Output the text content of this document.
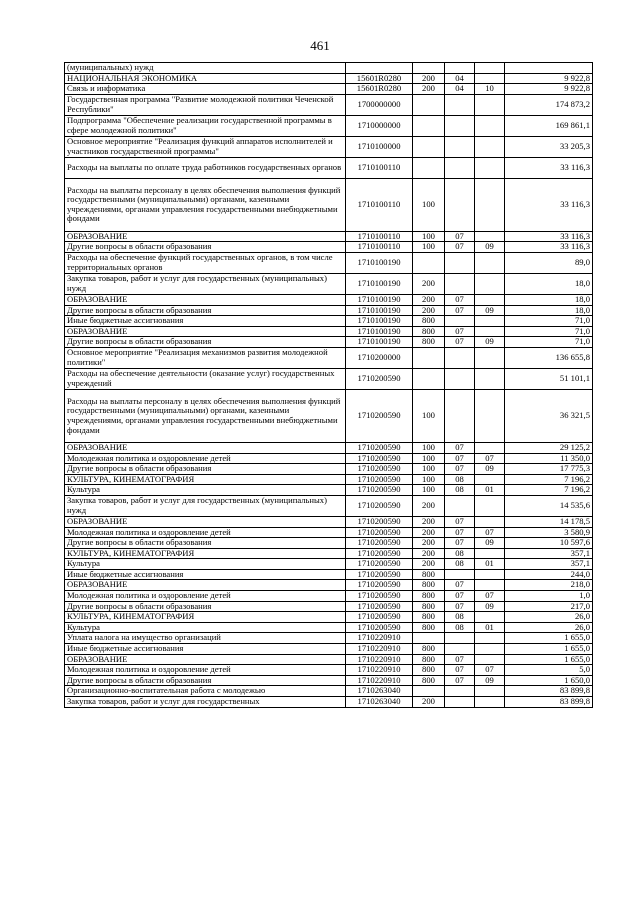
461
(муниципальных) нужд					
НАЦИОНАЛЬНАЯ ЭКОНОМИКА	15601R0280	200	04		9 922,8
Связь и информатика	15601R0280	200	04	10	9 922,8
Государственная программа "Развитие молодежной политики Чеченской Республики"	1700000000				174 873,2
Подпрограмма "Обеспечение реализации государственной программы в сфере молодежной политики"	1710000000				169 861,1
Основное мероприятие "Реализация функций аппаратов исполнителей и участников государственной программы"	1710100000				33 205,3
Расходы на выплаты по оплате труда работников государственных органов	1710100110				33 116,3
Расходы на выплаты персоналу в целях обеспечения выполнения функций государственными (муниципальными) органами, казенными учреждениями, органами управления государственными внебюджетными фондами	1710100110	100			33 116,3
ОБРАЗОВАНИЕ	1710100110	100	07		33 116,3
Другие вопросы в области образования	1710100110	100	07	09	33 116,3
Расходы на обеспечение функций государственных органов, в том числе территориальных органов	1710100190				89,0
Закупка товаров, работ и услуг для государственных (муниципальных) нужд	1710100190	200			18,0
ОБРАЗОВАНИЕ	1710100190	200	07		18,0
Другие вопросы в области образования	1710100190	200	07	09	18,0
Иные бюджетные ассигнования	1710100190	800			71,0
ОБРАЗОВАНИЕ	1710100190	800	07		71,0
Другие вопросы в области образования	1710100190	800	07	09	71,0
Основное мероприятие "Реализация механизмов развития молодежной политики"	1710200000				136 655,8
Расходы на обеспечение деятельности (оказание услуг) государственных учреждений	1710200590				51 101,1
Расходы на выплаты персоналу в целях обеспечения выполнения функций государственными (муниципальными) органами, казенными учреждениями, органами управления государственными внебюджетными фондами	1710200590	100			36 321,5
ОБРАЗОВАНИЕ	1710200590	100	07		29 125,2
Молодежная политика и оздоровление детей	1710200590	100	07	07	11 350,0
Другие вопросы в области образования	1710200590	100	07	09	17 775,3
КУЛЬТУРА, КИНЕМАТОГРАФИЯ	1710200590	100	08		7 196,2
Культура	1710200590	100	08	01	7 196,2
Закупка товаров, работ и услуг для государственных (муниципальных) нужд	1710200590	200			14 535,6
ОБРАЗОВАНИЕ	1710200590	200	07		14 178,5
Молодежная политика и оздоровление детей	1710200590	200	07	07	3 580,9
Другие вопросы в области образования	1710200590	200	07	09	10 597,6
КУЛЬТУРА, КИНЕМАТОГРАФИЯ	1710200590	200	08		357,1
Культура	1710200590	200	08	01	357,1
Иные бюджетные ассигнования	1710200590	800			244,0
ОБРАЗОВАНИЕ	1710200590	800	07		218,0
Молодежная политика и оздоровление детей	1710200590	800	07	07	1,0
Другие вопросы в области образования	1710200590	800	07	09	217,0
КУЛЬТУРА, КИНЕМАТОГРАФИЯ	1710200590	800	08		26,0
Культура	1710200590	800	08	01	26,0
Уплата налога на имущество организаций	1710220910				1 655,0
Иные бюджетные ассигнования	1710220910	800			1 655,0
ОБРАЗОВАНИЕ	1710220910	800	07		1 655,0
Молодежная политика и оздоровление детей	1710220910	800	07	07	5,0
Другие вопросы в области образования	1710220910	800	07	09	1 650,0
Организационно-воспитательная работа с молодежью	1710263040				83 899,8
Закупка товаров, работ и услуг для государственных	1710263040	200			83 899,8
